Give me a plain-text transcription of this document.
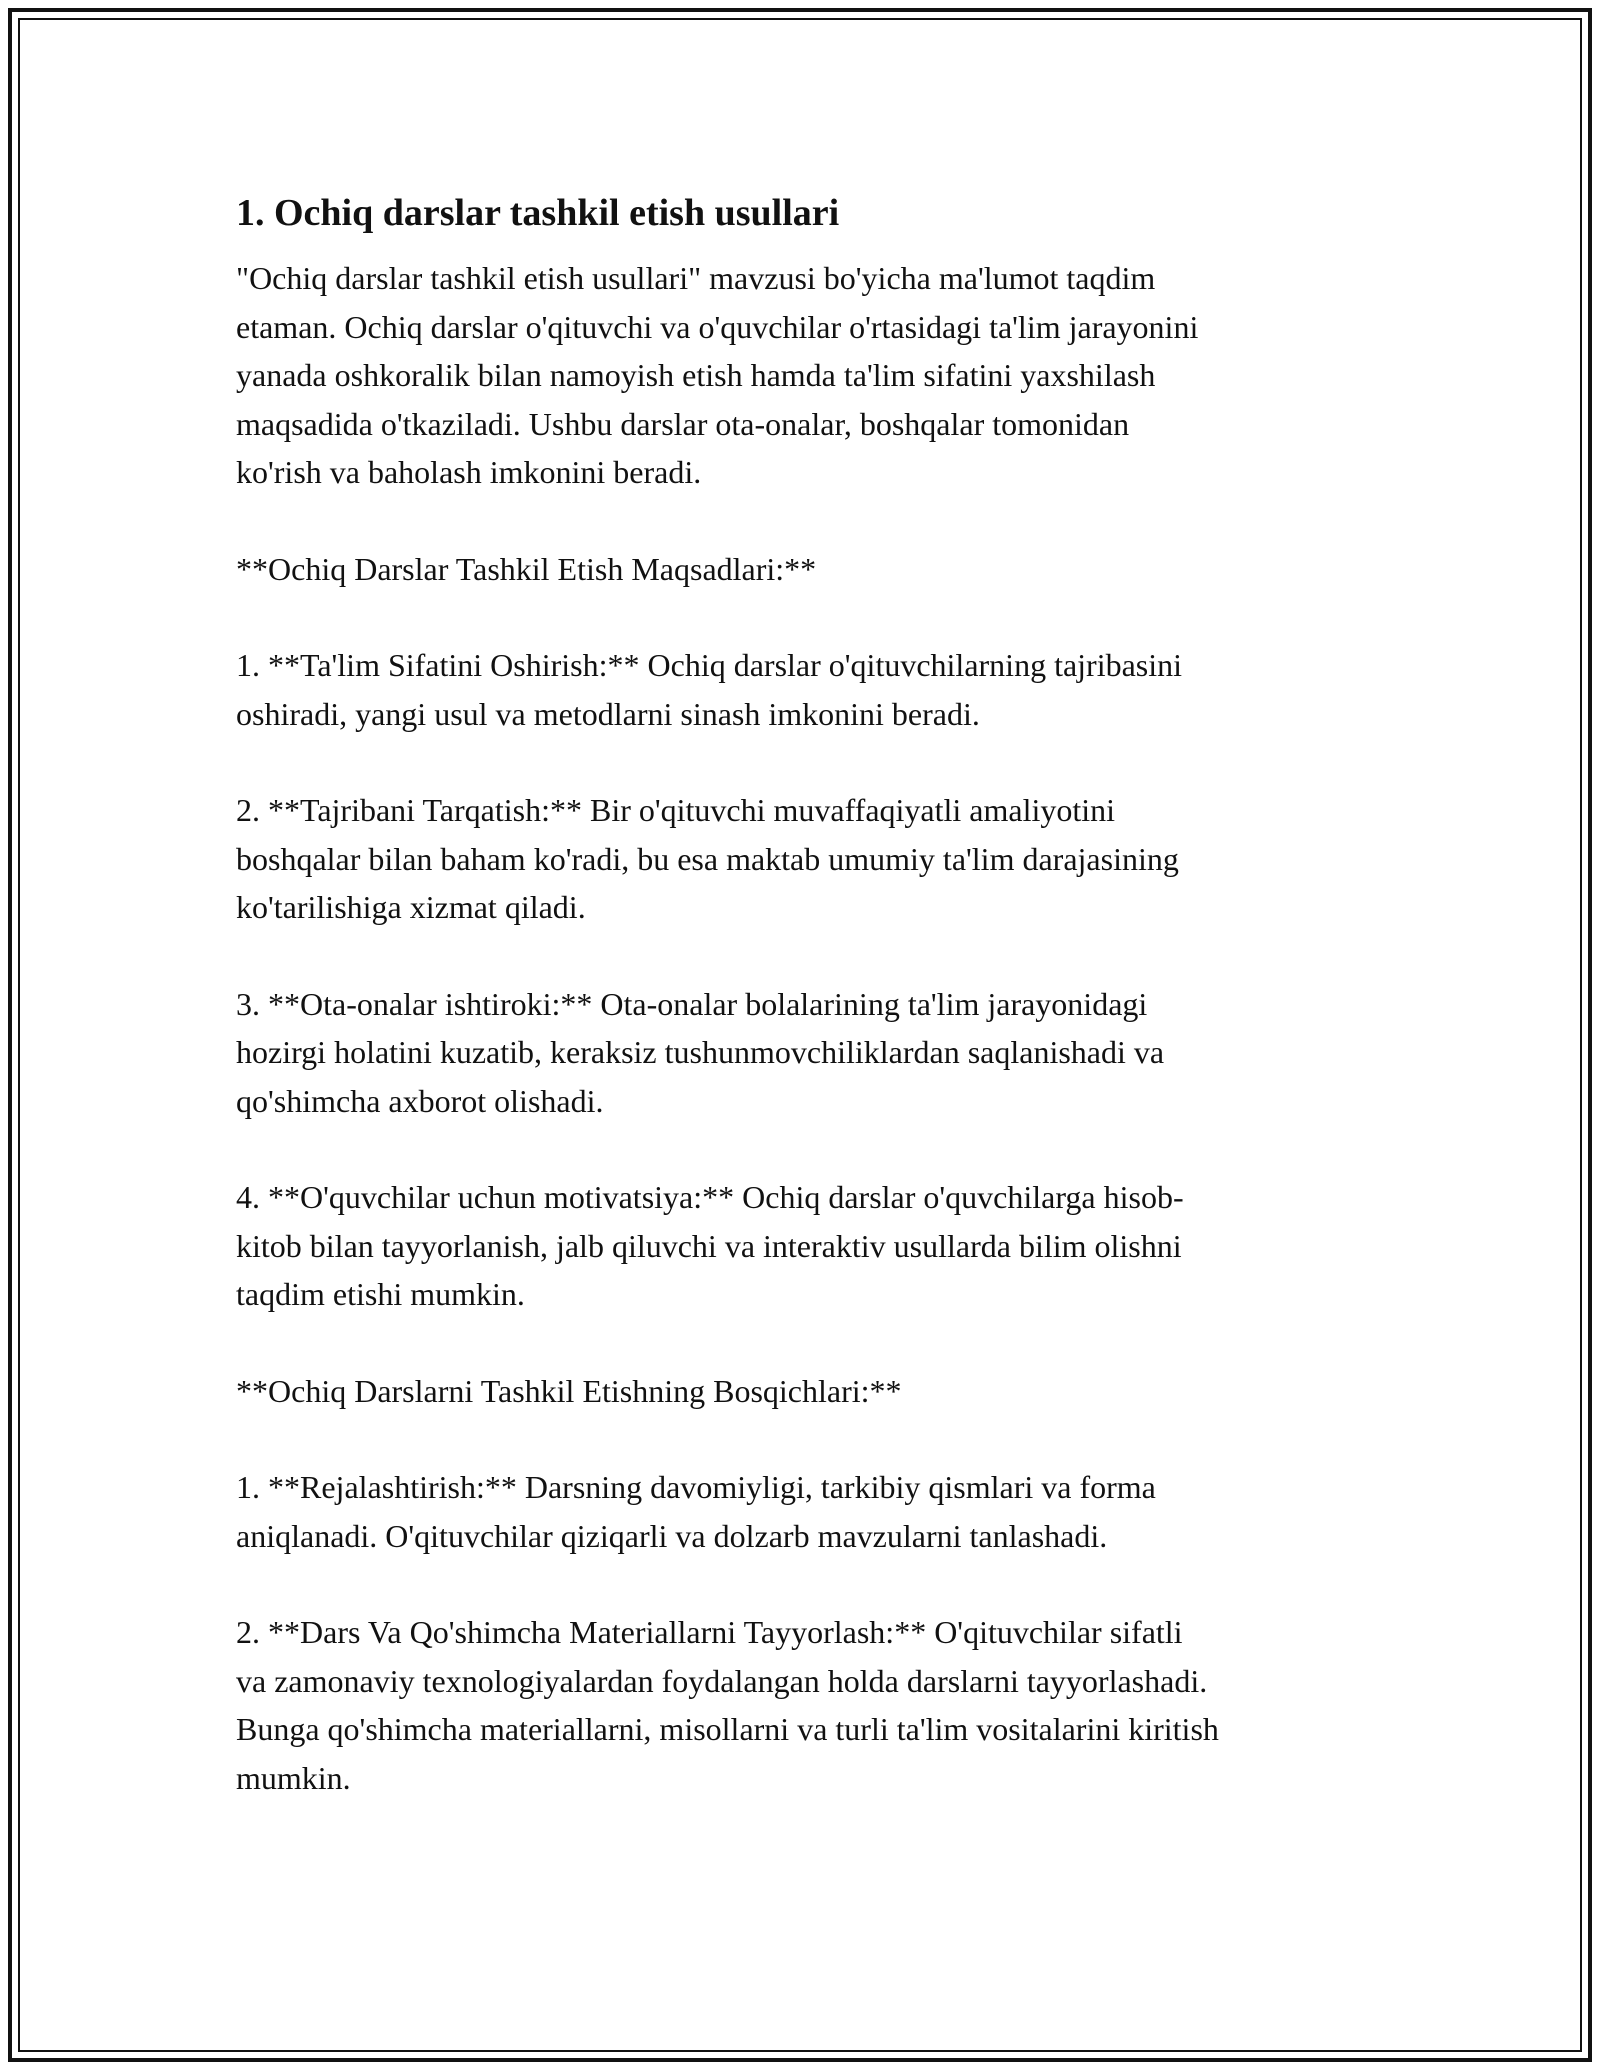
1. Ochiq darslar tashkil etish usullari
"Ochiq darslar tashkil etish usullari" mavzusi bo'yicha ma'lumot taqdim
etaman. Ochiq darslar o'qituvchi va o'quvchilar o'rtasidagi ta'lim jarayonini
yanada oshkoralik bilan namoyish etish hamda ta'lim sifatini yaxshilash
maqsadida o'tkaziladi. Ushbu darslar ota-onalar, boshqalar tomonidan
ko'rish va baholash imkonini beradi.
**Ochiq Darslar Tashkil Etish Maqsadlari:**
1. **Ta'lim Sifatini Oshirish:** Ochiq darslar o'qituvchilarning tajribasini
oshiradi, yangi usul va metodlarni sinash imkonini beradi.
2. **Tajribani Tarqatish:** Bir o'qituvchi muvaffaqiyatli amaliyotini
boshqalar bilan baham ko'radi, bu esa maktab umumiy ta'lim darajasining
ko'tarilishiga xizmat qiladi.
3. **Ota-onalar ishtiroki:** Ota-onalar bolalarining ta'lim jarayonidagi
hozirgi holatini kuzatib, keraksiz tushunmovchiliklardan saqlanishadi va
qo'shimcha axborot olishadi.
4. **O'quvchilar uchun motivatsiya:** Ochiq darslar o'quvchilarga hisob-
kitob bilan tayyorlanish, jalb qiluvchi va interaktiv usullarda bilim olishni
taqdim etishi mumkin.
**Ochiq Darslarni Tashkil Etishning Bosqichlari:**
1. **Rejalashtirish:** Darsning davomiyligi, tarkibiy qismlari va forma
aniqlanadi. O'qituvchilar qiziqarli va dolzarb mavzularni tanlashadi.
2. **Dars Va Qo'shimcha Materiallarni Tayyorlash:** O'qituvchilar sifatli
va zamonaviy texnologiyalardan foydalangan holda darslarni tayyorlashadi.
Bunga qo'shimcha materiallarni, misollarni va turli ta'lim vositalarini kiritish
mumkin.
